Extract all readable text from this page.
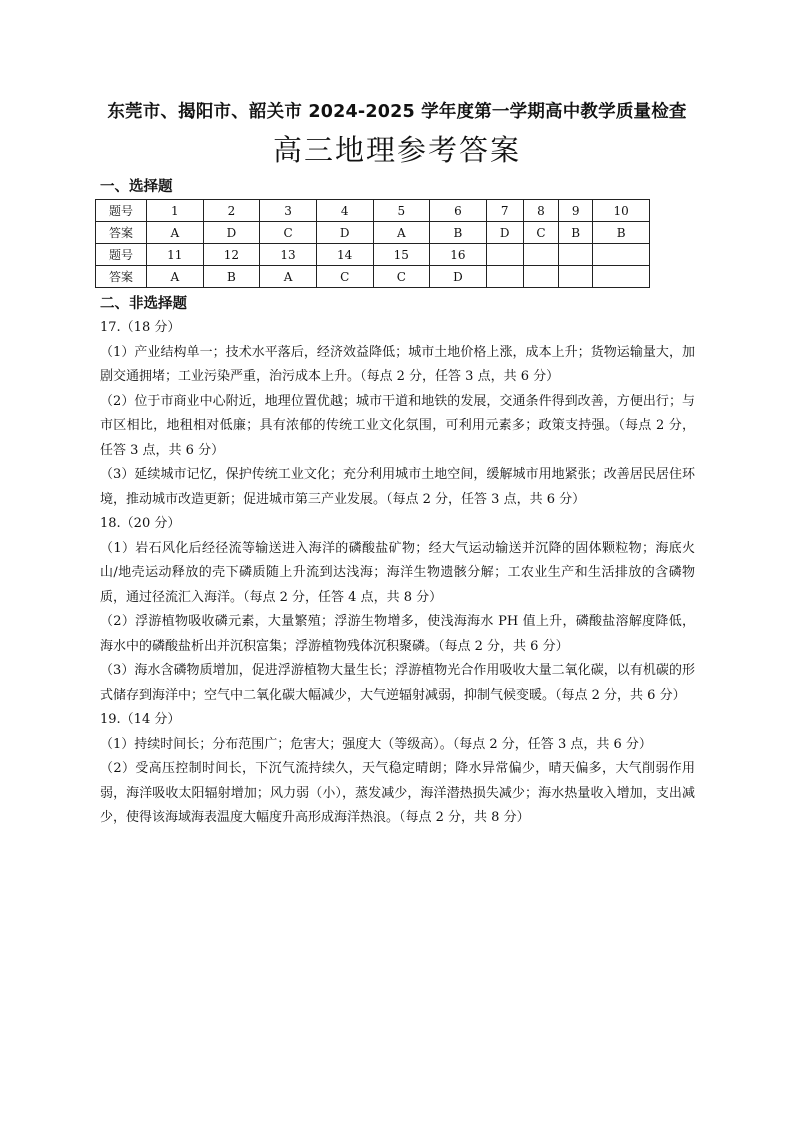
东莞市、揭阳市、韶关市 2024-2025 学年度第一学期高中教学质量检查
高三地理参考答案
一、选择题
题号	1	2	3	4	5	6	7	8	9	10
答案	A	D	C	D	A	B	D	C	B	B
题号	11	12	13	14	15	16				
答案	A	B	A	C	C	D				
二、非选择题
17.（18 分）
（1）产业结构单一；技术水平落后，经济效益降低；城市土地价格上涨，成本上升；货物运输量大，加剧交通拥堵；工业污染严重，治污成本上升。（每点 2 分，任答 3 点，共 6 分）
（2）位于市商业中心附近，地理位置优越；城市干道和地铁的发展，交通条件得到改善，方便出行；与市区相比，地租相对低廉；具有浓郁的传统工业文化氛围，可利用元素多；政策支持强。（每点 2 分，任答 3 点，共 6 分）
（3）延续城市记忆，保护传统工业文化；充分利用城市土地空间，缓解城市用地紧张；改善居民居住环境，推动城市改造更新；促进城市第三产业发展。（每点 2 分，任答 3 点，共 6 分）
18.（20 分）
（1）岩石风化后经径流等输送进入海洋的磷酸盐矿物；经大气运动输送并沉降的固体颗粒物；海底火山/地壳运动释放的壳下磷质随上升流到达浅海；海洋生物遗骸分解；工农业生产和生活排放的含磷物质，通过径流汇入海洋。（每点 2 分，任答 4 点，共 8 分）
（2）浮游植物吸收磷元素，大量繁殖；浮游生物增多，使浅海海水 PH 值上升，磷酸盐溶解度降低，海水中的磷酸盐析出并沉积富集；浮游植物残体沉积聚磷。（每点 2 分，共 6 分）
（3）海水含磷物质增加，促进浮游植物大量生长；浮游植物光合作用吸收大量二氧化碳，以有机碳的形式储存到海洋中；空气中二氧化碳大幅减少，大气逆辐射减弱，抑制气候变暖。（每点 2 分，共 6 分）
19.（14 分）
（1）持续时间长；分布范围广；危害大；强度大（等级高）。（每点 2 分，任答 3 点，共 6 分）
（2）受高压控制时间长，下沉气流持续久，天气稳定晴朗；降水异常偏少，晴天偏多，大气削弱作用弱，海洋吸收太阳辐射增加；风力弱（小），蒸发减少，海洋潜热损失减少；海水热量收入增加，支出减少，使得该海域海表温度大幅度升高形成海洋热浪。（每点 2 分，共 8 分）
